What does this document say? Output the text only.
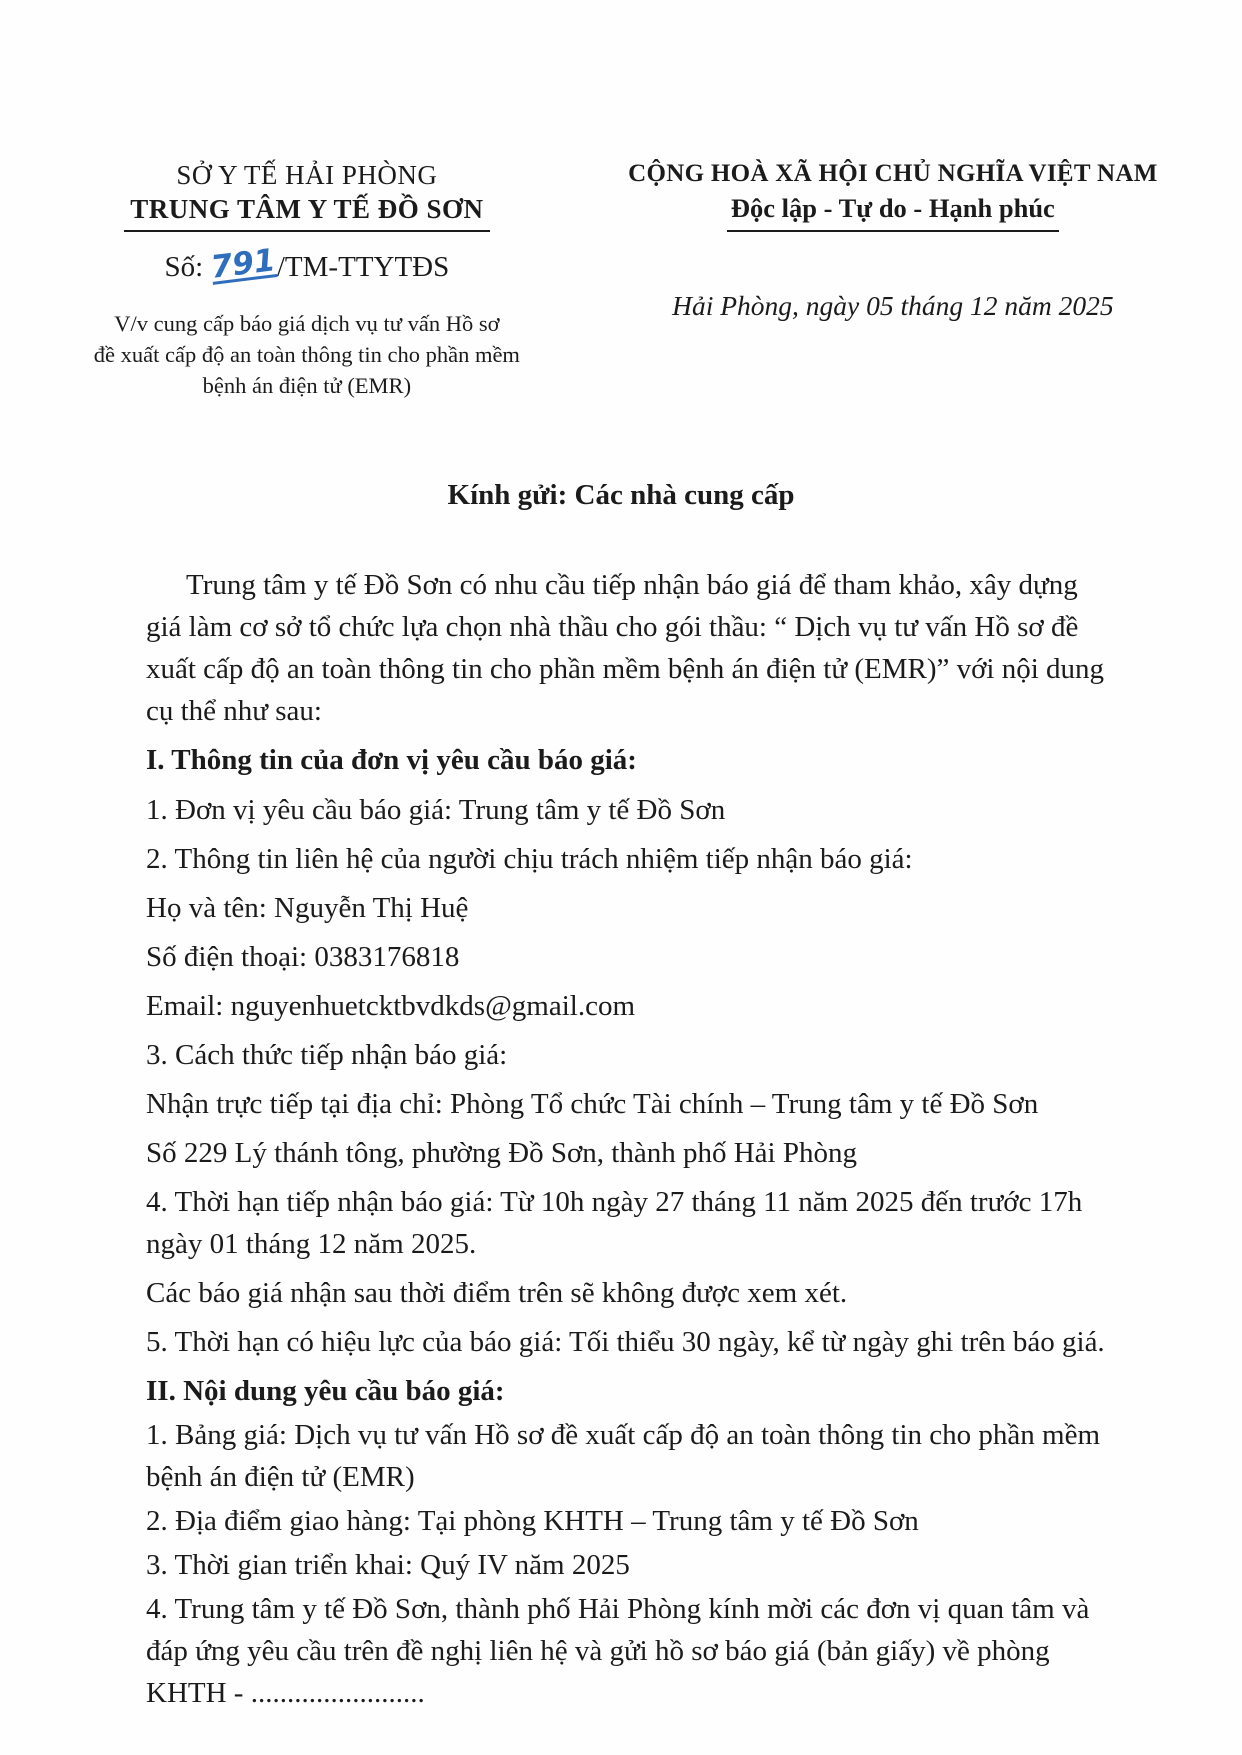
SỞ Y TẾ HẢI PHÒNG
TRUNG TÂM Y TẾ ĐỒ SƠN
Số: 791/TM-TTYTĐS
V/v cung cấp báo giá dịch vụ tư vấn Hồ sơ
đề xuất cấp độ an toàn thông tin cho phần mềm
bệnh án điện tử (EMR)
CỘNG HOÀ XÃ HỘI CHỦ NGHĨA VIỆT NAM
Độc lập - Tự do - Hạnh phúc
Hải Phòng, ngày 05 tháng 12 năm 2025
Kính gửi: Các nhà cung cấp

Trung tâm y tế Đồ Sơn có nhu cầu tiếp nhận báo giá để tham khảo, xây dựng giá làm cơ sở tổ chức lựa chọn nhà thầu cho gói thầu: “ Dịch vụ tư vấn Hồ sơ đề xuất cấp độ an toàn thông tin cho phần mềm bệnh án điện tử (EMR)” với nội dung cụ thể như sau:

I. Thông tin của đơn vị yêu cầu báo giá:

1. Đơn vị yêu cầu báo giá: Trung tâm y tế Đồ Sơn

2. Thông tin liên hệ của người chịu trách nhiệm tiếp nhận báo giá:

Họ và tên: Nguyễn Thị Huệ

Số điện thoại: 0383176818

Email: nguyenhuetcktbvdkds@gmail.com

3. Cách thức tiếp nhận báo giá:

Nhận trực tiếp tại địa chỉ: Phòng Tổ chức Tài chính – Trung tâm y tế Đồ Sơn

Số 229 Lý thánh tông, phường Đồ Sơn, thành phố Hải Phòng

4. Thời hạn tiếp nhận báo giá: Từ 10h ngày 27 tháng 11 năm 2025 đến trước 17h ngày 01 tháng 12 năm 2025.

Các báo giá nhận sau thời điểm trên sẽ không được xem xét.

5. Thời hạn có hiệu lực của báo giá: Tối thiểu 30 ngày, kể từ ngày ghi trên báo giá.

II. Nội dung yêu cầu báo giá:

1. Bảng giá: Dịch vụ tư vấn Hồ sơ đề xuất cấp độ an toàn thông tin cho phần mềm bệnh án điện tử (EMR)

2. Địa điểm giao hàng: Tại phòng KHTH – Trung tâm y tế Đồ Sơn

3. Thời gian triển khai: Quý IV năm 2025

4. Trung tâm y tế Đồ Sơn, thành phố Hải Phòng kính mời các đơn vị quan tâm và đáp ứng yêu cầu trên đề nghị liên hệ và gửi hồ sơ báo giá (bản giấy) về phòng KHTH - ........................
